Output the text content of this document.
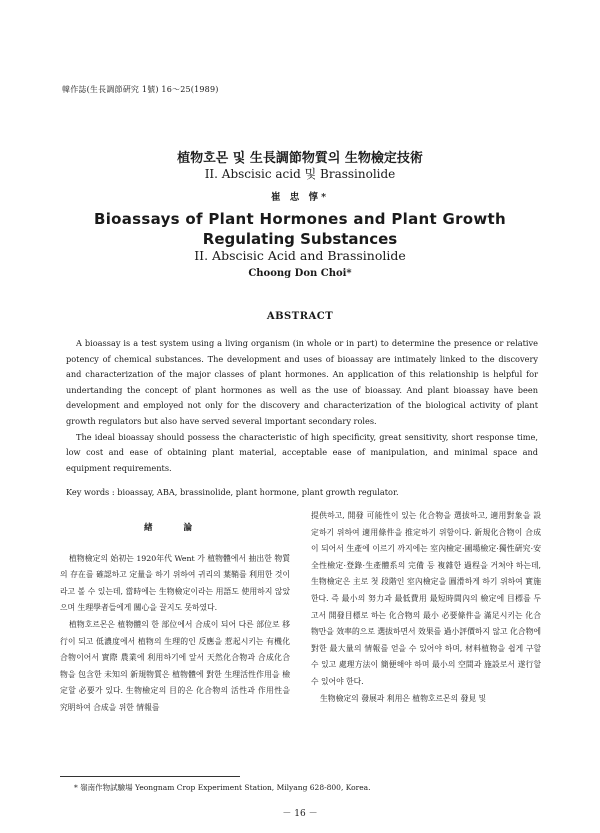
韓作誌(生長調節硏究 1號) 16～25(1989)
植物호몬 및 生長調節物質의 生物檢定技術
II. Abscisic acid 및 Brassinolide
崔 忠 惇*
Bioassays of Plant Hormones and Plant Growth
Regulating Substances
II. Abscisic Acid and Brassinolide
Choong Don Choi*
ABSTRACT

A bioassay is a test system using a living organism (in whole or in part) to determine the presence or relative potency of chemical substances. The development and uses of bioassay are intimately linked to the discovery and characterization of the major classes of plant hormones. An application of this relationship is helpful for undertanding the concept of plant hormones as well as the use of bioassay. And plant bioassay have been development and employed not only for the discovery and characterization of the biological activity of plant growth regulators but also have served several important secondary roles.

The ideal bioassay should possess the characteristic of high specificity, great sensitivity, short response time, low cost and ease of obtaining plant material, acceptable ease of manipulation, and minimal space and equipment requirements.

Key words : bioassay, ABA, brassinolide, plant hormone, plant growth regulator.
緖 論

植物檢定의 始初는 1920年代 Went 가 植物體에서 抽出한 物質의 存在를 確認하고 定量을 하기 위하여 귀리의 葉鞘를 利用한 것이라고 볼 수 있는데, 當時에는 生物檢定이라는 用語도 使用하지 않았으며 生理學者들에게 關心을 끌지도 못하였다.

植物호르몬은 植物體의 한 部位에서 合成이 되어 다른 部位로 移行이 되고 低濃度에서 植物의 生理的인 反應을 惹起시키는 有機化合物이어서 實際 農業에 利用하기에 앞서 天然化合物과 合成化合物을 包含한 未知의 新規物質은 植物體에 對한 生理活性作用을 檢定할 必要가 있다. 生物檢定의 目的은 化合物의 活性과 作用性을 究明하여 合成을 위한 情報를

提供하고, 開發 可能性이 있는 化合物을 選拔하고, 適用對象을 設定하기 위하여 適用條件을 推定하기 위함이다. 新規化合物이 合成이 되어서 生產에 이르기 까지에는 室內檢定·圃場檢定·獨性硏究·安全性檢定·登錄·生產體系의 完備 등 複雜한 過程을 거쳐야 하는데, 生物檢定은 主로 첫 段階인 室內檢定을 圓滑하게 하기 위하여 實施한다. 즉 最小의 努力과 最低費用 最短時間內의 檢定에 目標를 두고서 開發目標로 하는 化合物의 最小 必要條件을 滿足시키는 化合物만을 效率的으로 選拔하면서 效果를 過小評價하지 않고 化合物에 對한 最大量의 情報를 얻을 수 있어야 하며, 材料植物을 쉽게 구할 수 있고 處理方法이 簡便해야 하며 最小의 空間과 施設로서 遂行할 수 있어야 한다.

生物檢定의 發展과 利用은 植物호르몬의 發見 및

* 嶺南作物試驗場 Yeongnam Crop Experiment Station, Milyang 628-800, Korea.
－ 16 －
